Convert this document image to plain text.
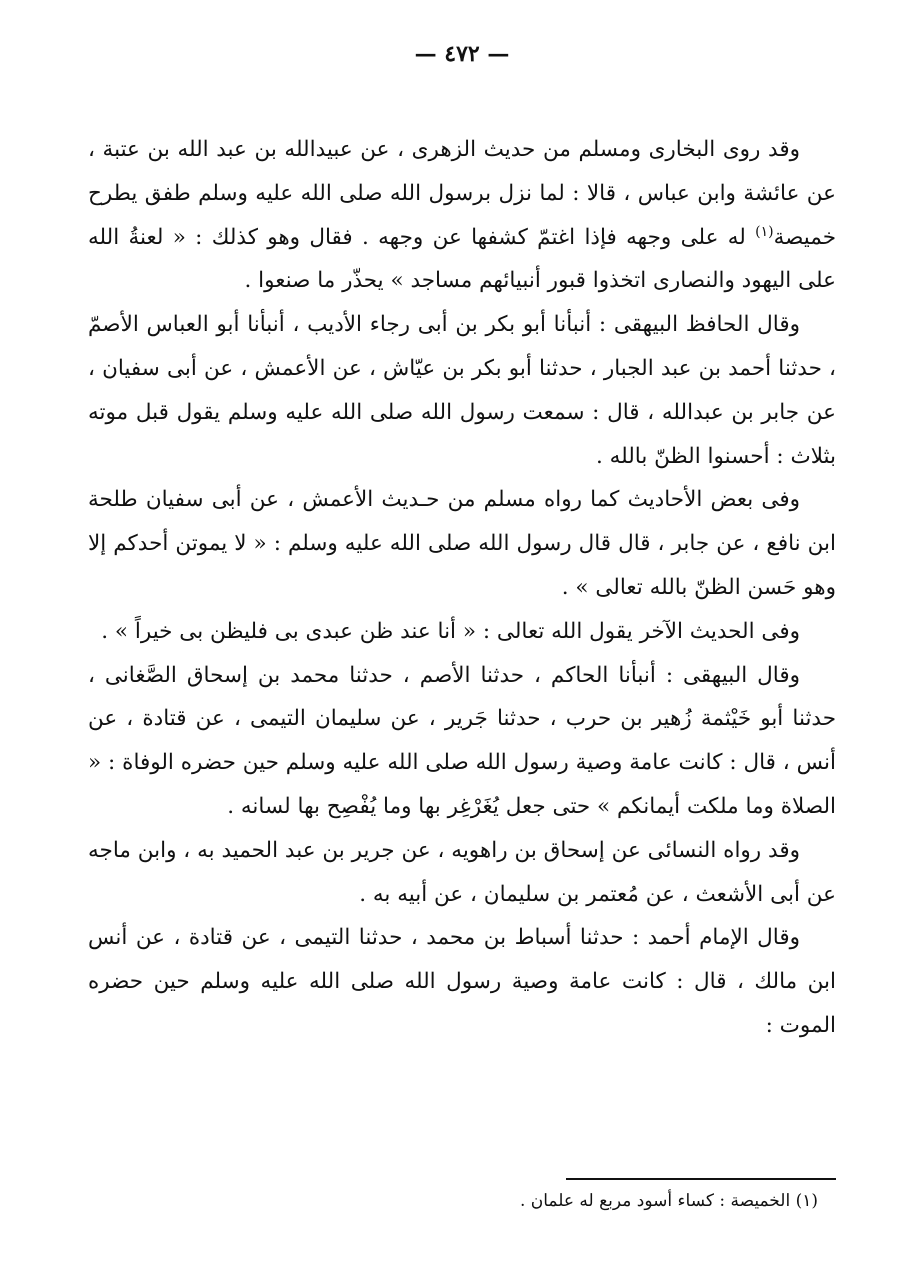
— ٤٧٢ —

وقد روى البخارى ومسلم من حديث الزهرى ، عن عبيدالله بن عبد الله بن عتبة ، عن عائشة وابن عباس ، قالا : لما نزل برسول الله صلى الله عليه وسلم طفق يطرح خميصة$^{(١)}$ له على وجهه فإذا اغتمّ كشفها عن وجهه . فقال وهو كذلك : « لعنةُ الله على اليهود والنصارى اتخذوا قبور أنبيائهم مساجد » يحذّر ما صنعوا .

وقال الحافظ البيهقى : أنبأنا أبو بكر بن أبى رجاء الأديب ، أنبأنا أبو العباس الأصمّ ، حدثنا أحمد بن عبد الجبار ، حدثنا أبو بكر بن عيّاش ، عن الأعمش ، عن أبى سفيان ، عن جابر بن عبدالله ، قال : سمعت رسول الله صلى الله عليه وسلم يقول قبل موته بثلاث : أحسنوا الظنّ بالله .

وفى بعض الأحاديث كما رواه مسلم من حـديث الأعمش ، عن أبى سفيان طلحة ابن نافع ، عن جابر ، قال قال رسول الله صلى الله عليه وسلم : « لا يموتن أحدكم إلا وهو حَسن الظنّ بالله تعالى » .

وفى الحديث الآخر يقول الله تعالى : « أنا عند ظن عبدى بى فليظن بى خيراً » .

وقال البيهقى : أنبأنا الحاكم ، حدثنا الأصم ، حدثنا محمد بن إسحاق الصَّغانى ، حدثنا أبو خَيْثمة زُهير بن حرب ، حدثنا جَرير ، عن سليمان التيمى ، عن قتادة ، عن أنس ، قال : كانت عامة وصية رسول الله صلى الله عليه وسلم حين حضره الوفاة : « الصلاة وما ملكت أيمانكم » حتى جعل يُغَرْغِر بها وما يُفْصِح بها لسانه .

وقد رواه النسائى عن إسحاق بن راهويه ، عن جرير بن عبد الحميد به ، وابن ماجه عن أبى الأشعث ، عن مُعتمر بن سليمان ، عن أبيه به .

وقال الإمام أحمد : حدثنا أسباط بن محمد ، حدثنا التيمى ، عن قتادة ، عن أنس ابن مالك ، قال : كانت عامة وصية رسول الله صلى الله عليه وسلم حين حضره الموت :

(١) الخميصة : كساء أسود مربع له علمان .
